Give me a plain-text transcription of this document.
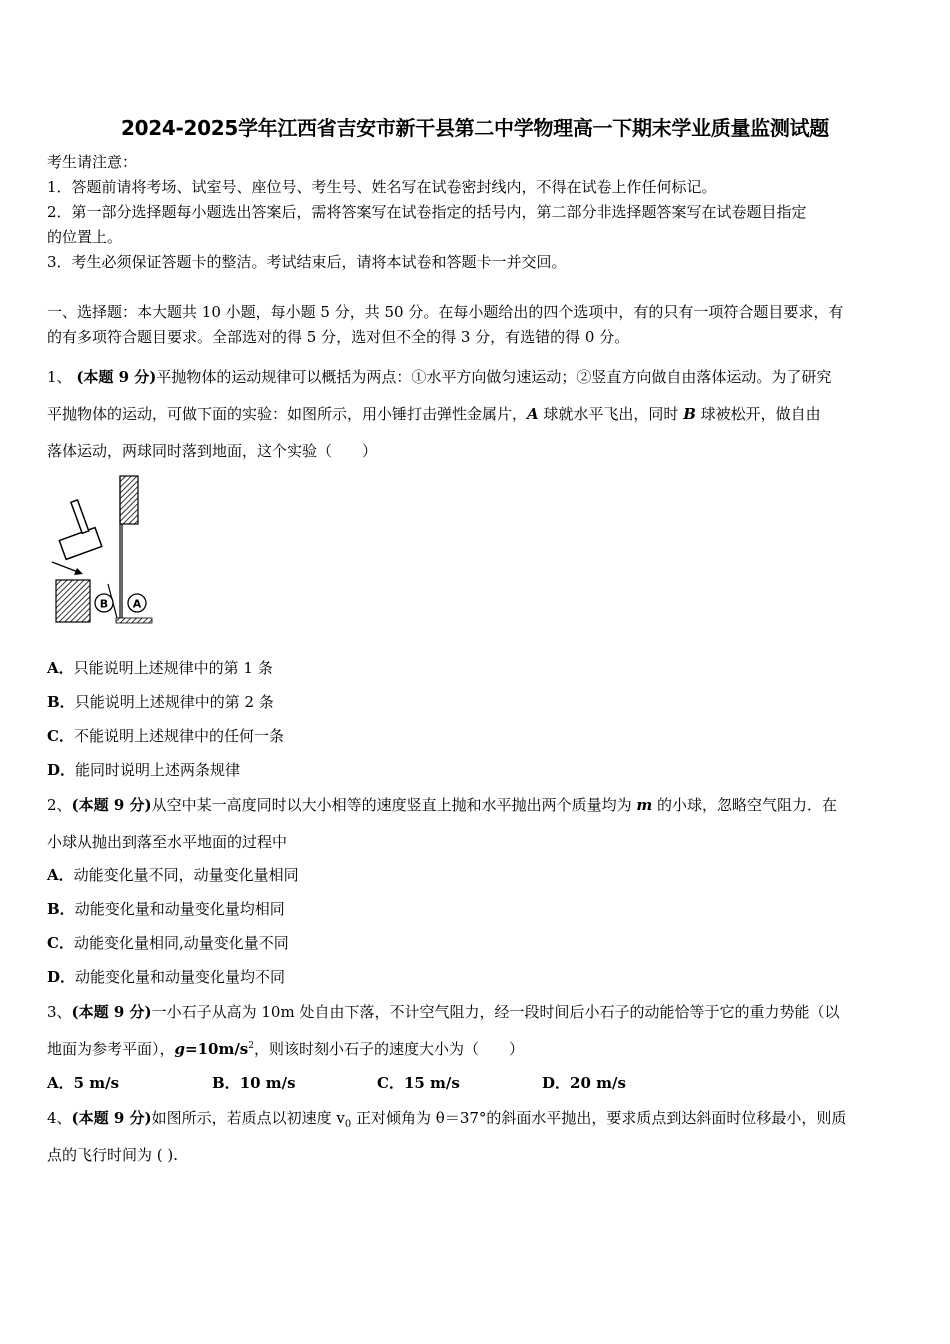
2024-2025学年江西省吉安市新干县第二中学物理高一下期末学业质量监测试题
考生请注意：
1．答题前请将考场、试室号、座位号、考生号、姓名写在试卷密封线内，不得在试卷上作任何标记。
2．第一部分选择题每小题选出答案后，需将答案写在试卷指定的括号内，第二部分非选择题答案写在试卷题目指定
的位置上。
3．考生必须保证答题卡的整洁。考试结束后，请将本试卷和答题卡一并交回。
一、选择题：本大题共 10 小题，每小题 5 分，共 50 分。在每小题给出的四个选项中，有的只有一项符合题目要求，有
的有多项符合题目要求。全部选对的得 5 分，选对但不全的得 3 分，有选错的得 0 分。
1、 (本题 9 分)平抛物体的运动规律可以概括为两点：①水平方向做匀速运动；②竖直方向做自由落体运动。为了研究
平抛物体的运动，可做下面的实验：如图所示，用小锤打击弹性金属片，A 球就水平飞出，同时 B 球被松开，做自由
落体运动，两球同时落到地面，这个实验（　　）
B A
A．只能说明上述规律中的第 1 条
B．只能说明上述规律中的第 2 条
C．不能说明上述规律中的任何一条
D．能同时说明上述两条规律
2、(本题 9 分)从空中某一高度同时以大小相等的速度竖直上抛和水平抛出两个质量均为 m 的小球，忽略空气阻力．在
小球从抛出到落至水平地面的过程中
A．动能变化量不同，动量变化量相同
B．动能变化量和动量变化量均相同
C．动能变化量相同,动量变化量不同
D．动能变化量和动量变化量均不同
3、(本题 9 分)一小石子从高为 10m 处自由下落，不计空气阻力，经一段时间后小石子的动能恰等于它的重力势能（以
地面为参考平面），$g=10m/s^2$，则该时刻小石子的速度大小为（　　）
A．5 m/s	B．10 m/s	C．15 m/s	D．20 m/s
4、(本题 9 分)如图所示，若质点以初速度 $v_0$ 正对倾角为 θ＝37°的斜面水平抛出，要求质点到达斜面时位移最小，则质
点的飞行时间为 ( ).
